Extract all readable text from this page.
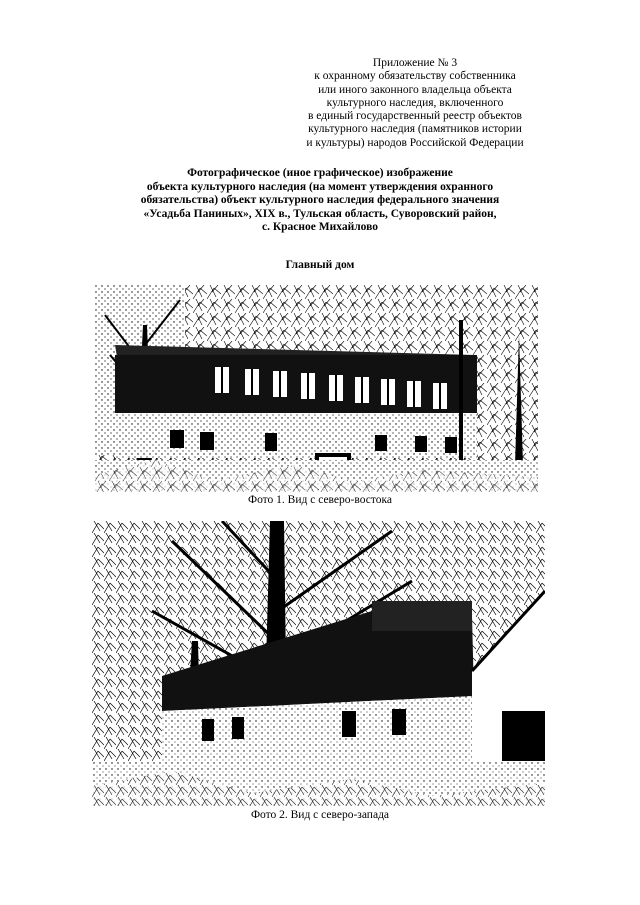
Приложение № 3
к охранному обязательству собственника
или иного законного владельца объекта
культурного наследия, включенного
в единый государственный реестр объектов
культурного наследия (памятников истории
и культуры) народов Российской Федерации
Фотографическое (иное графическое) изображение
объекта культурного наследия (на момент утверждения охранного
обязательства) объект культурного наследия федерального значения
«Усадьба Паниных», XIX в., Тульская область, Суворовский район,
с. Красное Михайлово
Главный дом
Фото 1. Вид с северо-востока
Фото 2. Вид с северо-запада
